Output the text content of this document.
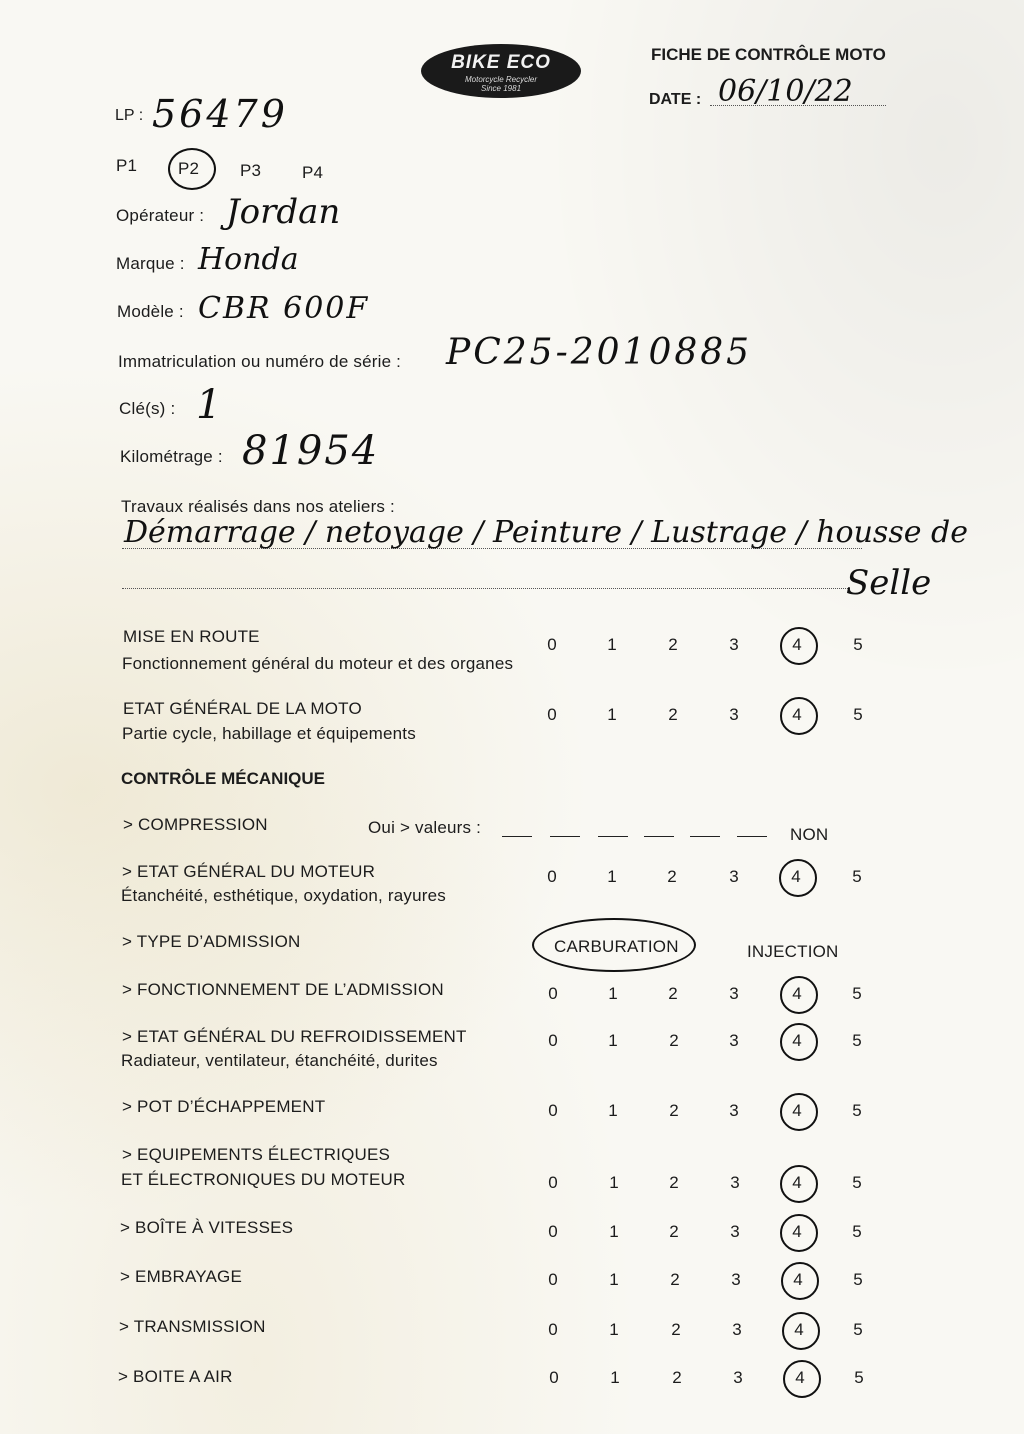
BIKE ECO
Motorcycle Recycler
Since 1981
FICHE DE CONTRÔLE MOTO
DATE : 06/10/22
LP : 56479
P1 P2 P3 P4
Opérateur : Jordan
Marque : Honda
Modèle : CBR 600F
Immatriculation ou numéro de série : PC25-2010885
Clé(s) : 1
Kilométrage : 81954
Travaux réalisés dans nos ateliers :
Démarrage / netoyage / Peinture / Lustrage / housse de
Selle
CONTRÔLE MÉCANIQUE
> COMPRESSION	Oui > valeurs :	NON
> TYPE D’ADMISSION	CARBURATION	INJECTION
MISE EN ROUTE
Fonctionnement général du moteur et des organes
0	1	2	3	4	5
ETAT GÉNÉRAL DE LA MOTO
Partie cycle, habillage et équipements
0	1	2	3	4	5
> ETAT GÉNÉRAL DU MOTEUR
Étanchéité, esthétique, oxydation, rayures
0	1	2	3	4	5
> FONCTIONNEMENT DE L’ADMISSION	0	1	2	3	4	5
> ETAT GÉNÉRAL DU REFROIDISSEMENT
Radiateur, ventilateur, étanchéité, durites
0	1	2	3	4	5
> POT D’ÉCHAPPEMENT	0	1	2	3	4	5
> EQUIPEMENTS ÉLECTRIQUES
ET ÉLECTRONIQUES DU MOTEUR	0	1	2	3	4	5
> BOÎTE À VITESSES	0	1	2	3	4	5
> EMBRAYAGE	0	1	2	3	4	5
> TRANSMISSION	0	1	2	3	4	5
> BOITE A AIR	0	1	2	3	4	5
